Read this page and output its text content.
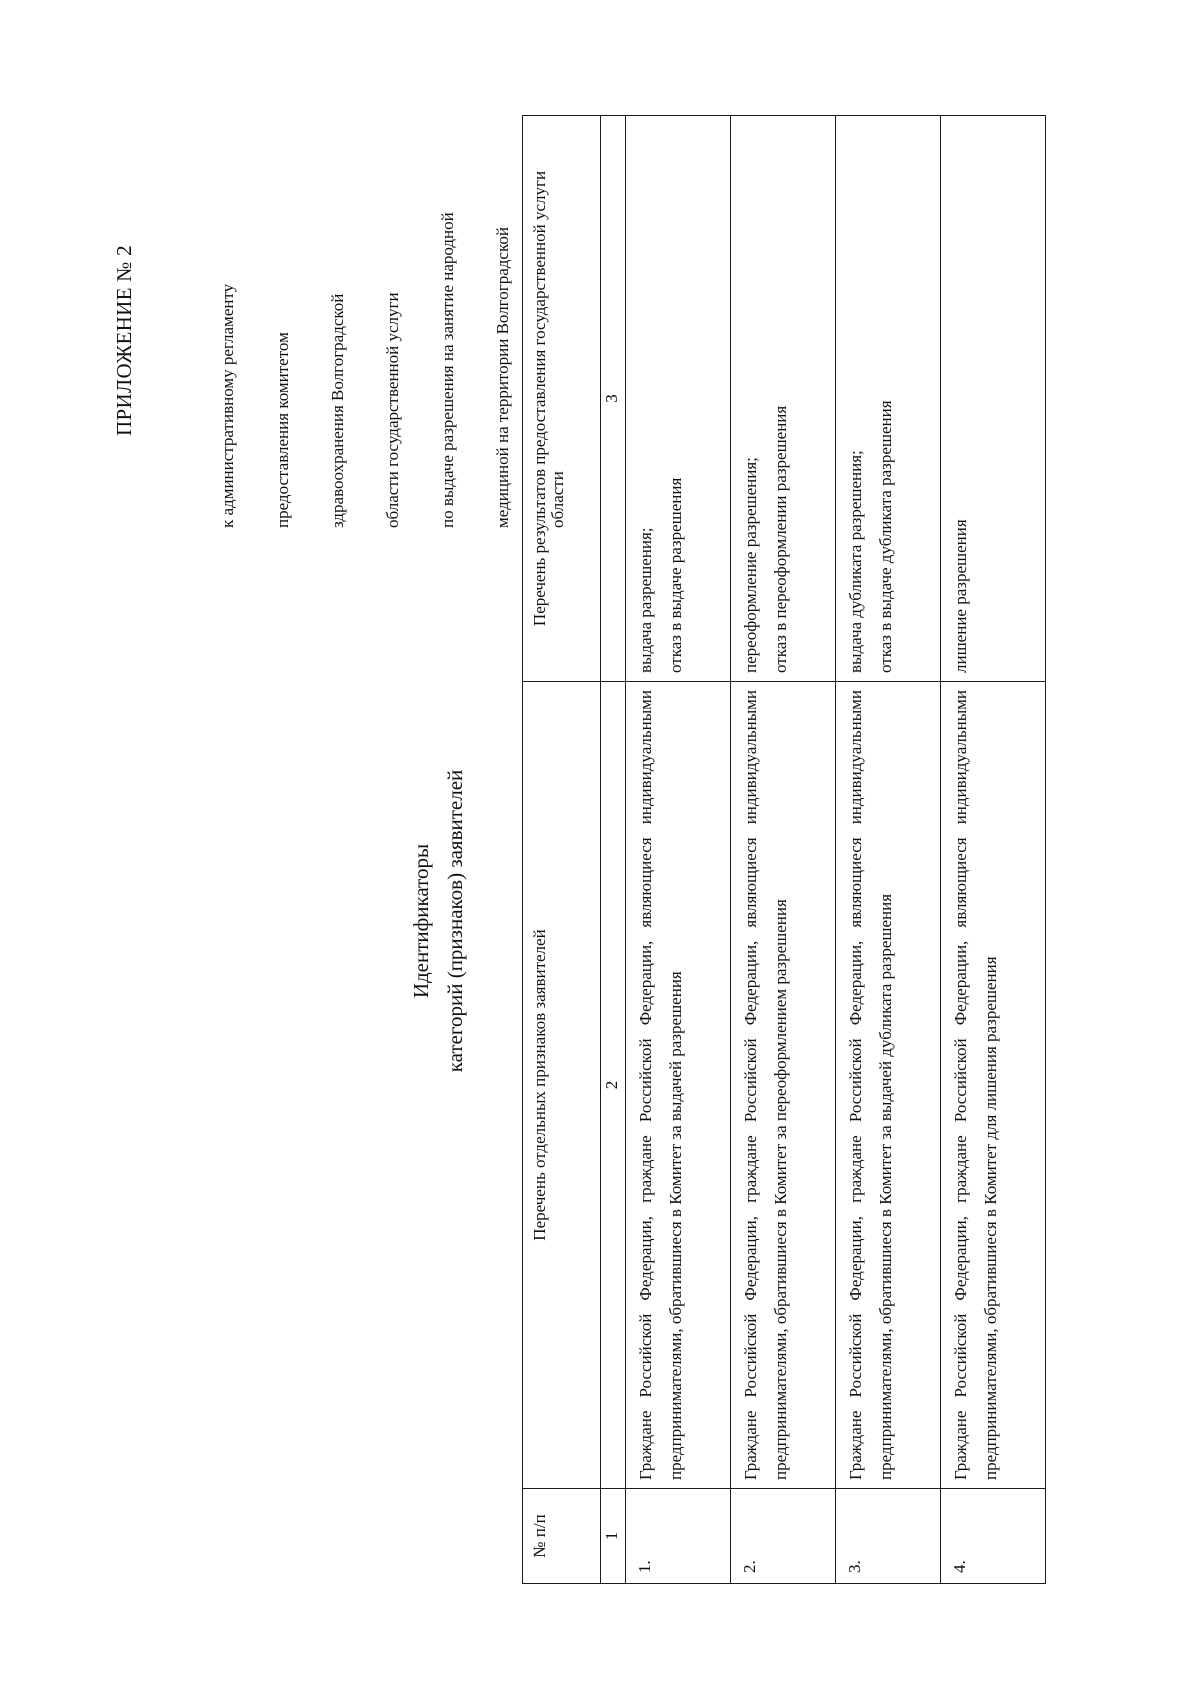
ПРИЛОЖЕНИЕ № 2	к административному регламенту предоставления комитетом здравоохранения Волгоградской области государственной услуги по выдаче разрешения на занятие народной медициной на территории Волгоградской области

Идентификаторы категорий (признаков) заявителей
№ п/п	Перечень отдельных признаков заявителей	Перечень результатов предоставления государственной услуги
1	2	3
1.	Граждане Российской Федерации, граждане Российской Федерации, являющиеся индивидуальными предпринимателями, обратившиеся в Комитет за выдачей разрешения	выдача разрешения;
отказ в выдаче разрешения
2.	Граждане Российской Федерации, граждане Российской Федерации, являющиеся индивидуальными предпринимателями, обратившиеся в Комитет за переоформлением разрешения	переоформление разрешения;
отказ в переоформлении разрешения
3.	Граждане Российской Федерации, граждане Российской Федерации, являющиеся индивидуальными предпринимателями, обратившиеся в Комитет за выдачей дубликата разрешения	выдача дубликата разрешения;
отказ в выдаче дубликата разрешения
4.	Граждане Российской Федерации, граждане Российской Федерации, являющиеся индивидуальными предпринимателями, обратившиеся в Комитет для лишения разрешения	лишение разрешения
